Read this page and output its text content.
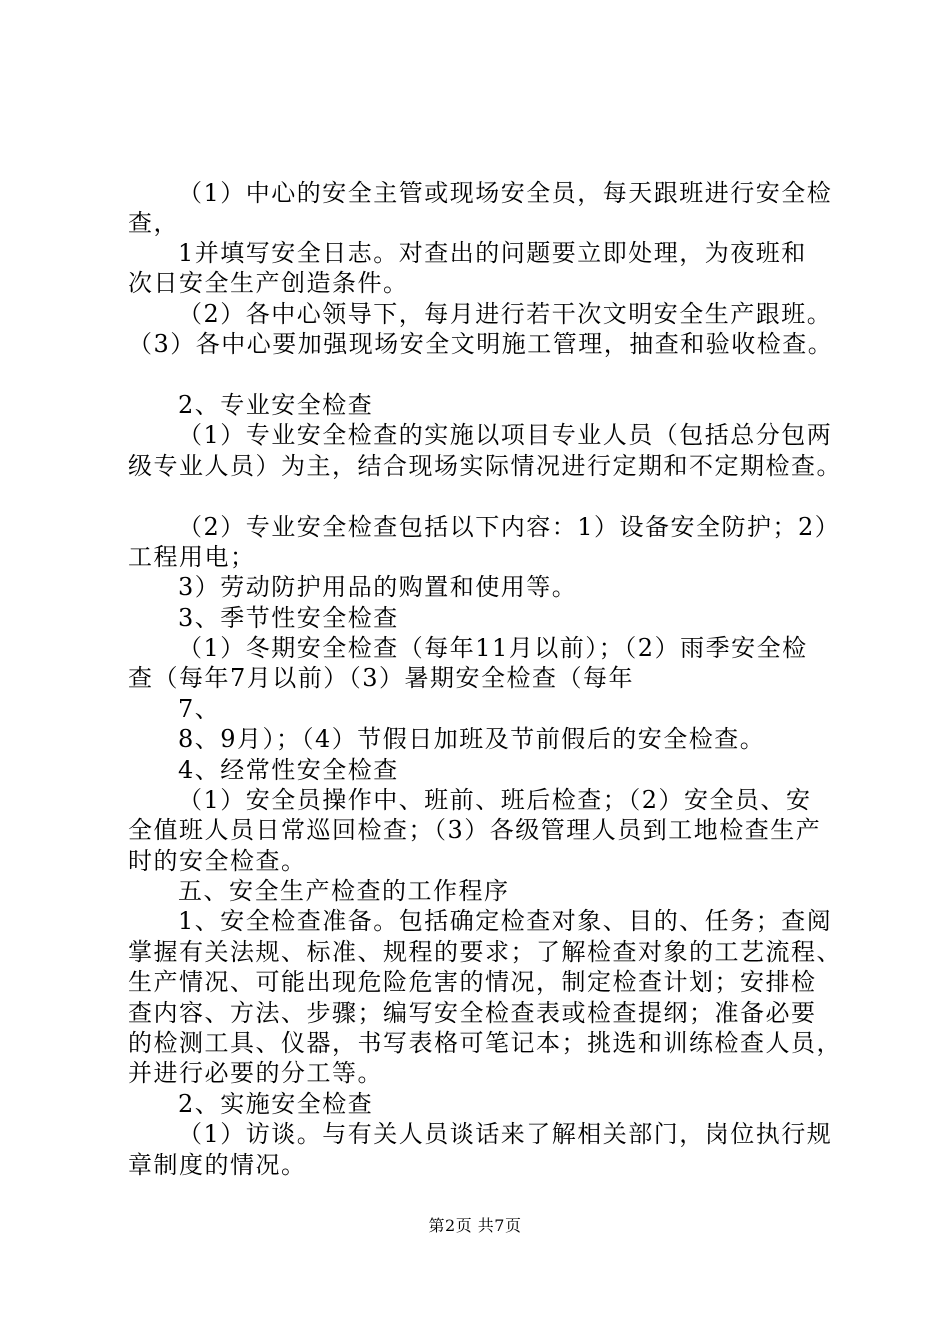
（1）中心的安全主管或现场安全员，每天跟班进行安全检
查，
1并填写安全日志。对查出的问题要立即处理，为夜班和
次日安全生产创造条件。
（2）各中心领导下，每月进行若干次文明安全生产跟班。
（3）各中心要加强现场安全文明施工管理，抽查和验收检查。
2、专业安全检查
（1）专业安全检查的实施以项目专业人员（包括总分包两
级专业人员）为主，结合现场实际情况进行定期和不定期检查。
（2）专业安全检查包括以下内容：1）设备安全防护；2）
工程用电；
3）劳动防护用品的购置和使用等。
3、季节性安全检查
（1）冬期安全检查（每年11月以前）；（2）雨季安全检
查（每年7月以前）（3）暑期安全检查（每年
7、
8、9月）；（4）节假日加班及节前假后的安全检查。
4、经常性安全检查
（1）安全员操作中、班前、班后检查；（2）安全员、安
全值班人员日常巡回检查；（3）各级管理人员到工地检查生产
时的安全检查。
五、安全生产检查的工作程序
1、安全检查准备。包括确定检查对象、目的、任务；查阅
掌握有关法规、标准、规程的要求；了解检查对象的工艺流程、
生产情况、可能出现危险危害的情况，制定检查计划；安排检
查内容、方法、步骤；编写安全检查表或检查提纲；准备必要
的检测工具、仪器，书写表格可笔记本；挑选和训练检查人员，
并进行必要的分工等。
2、实施安全检查
（1）访谈。与有关人员谈话来了解相关部门，岗位执行规
章制度的情况。
第2页 共7页
